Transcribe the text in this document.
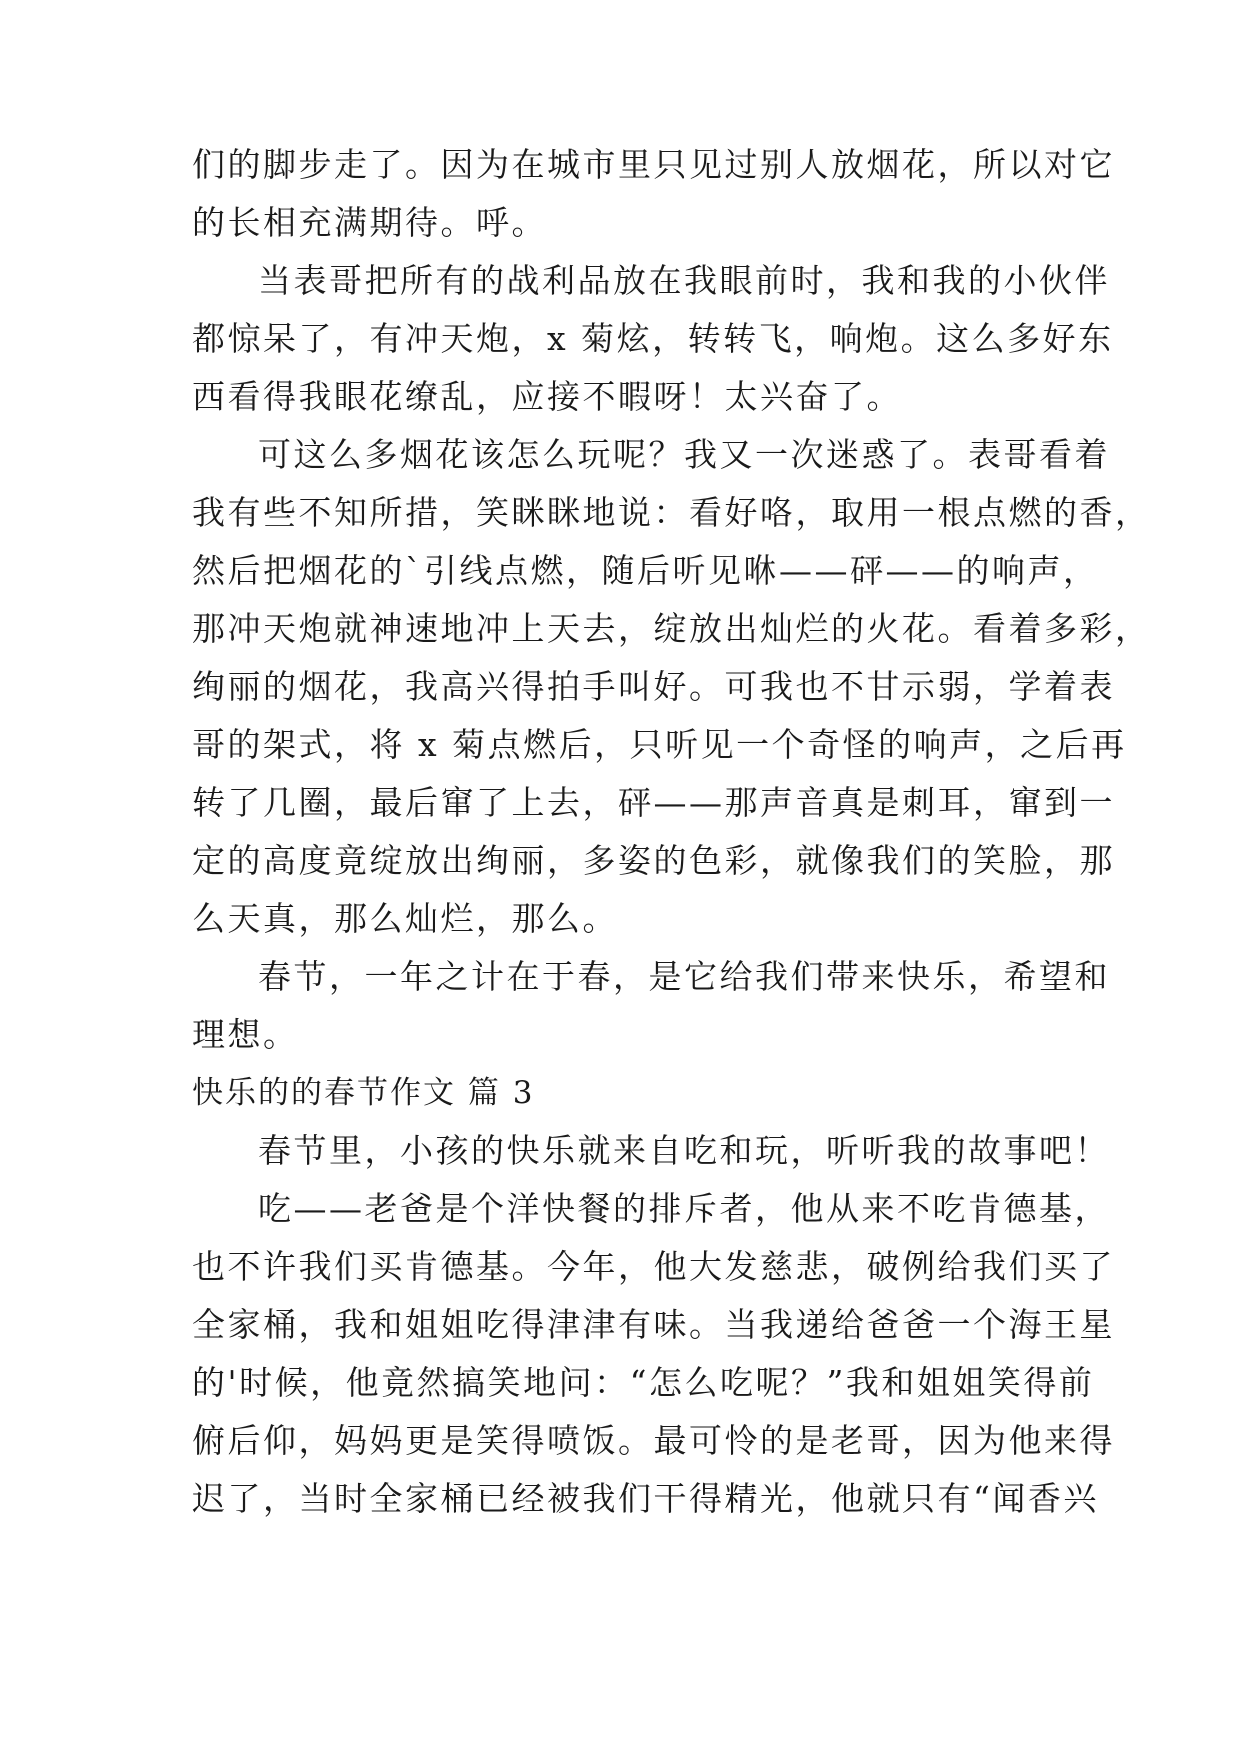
们的脚步走了。因为在城市里只见过别人放烟花，所以对它
的长相充满期待。呼。
当表哥把所有的战利品放在我眼前时，我和我的小伙伴
都惊呆了，有冲天炮，x 菊炫，转转飞，响炮。这么多好东
西看得我眼花缭乱，应接不暇呀！太兴奋了。
可这么多烟花该怎么玩呢？我又一次迷惑了。表哥看着
我有些不知所措，笑眯眯地说：看好咯，取用一根点燃的香，
然后把烟花的`引线点燃，随后听见咻——砰——的响声，
那冲天炮就神速地冲上天去，绽放出灿烂的火花。看着多彩，
绚丽的烟花，我高兴得拍手叫好。可我也不甘示弱，学着表
哥的架式，将 x 菊点燃后，只听见一个奇怪的响声，之后再
转了几圈，最后窜了上去，砰——那声音真是刺耳，窜到一
定的高度竟绽放出绚丽，多姿的色彩，就像我们的笑脸，那
么天真，那么灿烂，那么。
春节，一年之计在于春，是它给我们带来快乐，希望和
理想。
快乐的的春节作文 篇 3
春节里，小孩的快乐就来自吃和玩，听听我的故事吧！
吃——老爸是个洋快餐的排斥者，他从来不吃肯德基，
也不许我们买肯德基。今年，他大发慈悲，破例给我们买了
全家桶，我和姐姐吃得津津有味。当我递给爸爸一个海王星
的'时候，他竟然搞笑地问：“怎么吃呢？”我和姐姐笑得前
俯后仰，妈妈更是笑得喷饭。最可怜的是老哥，因为他来得
迟了，当时全家桶已经被我们干得精光，他就只有“闻香兴
